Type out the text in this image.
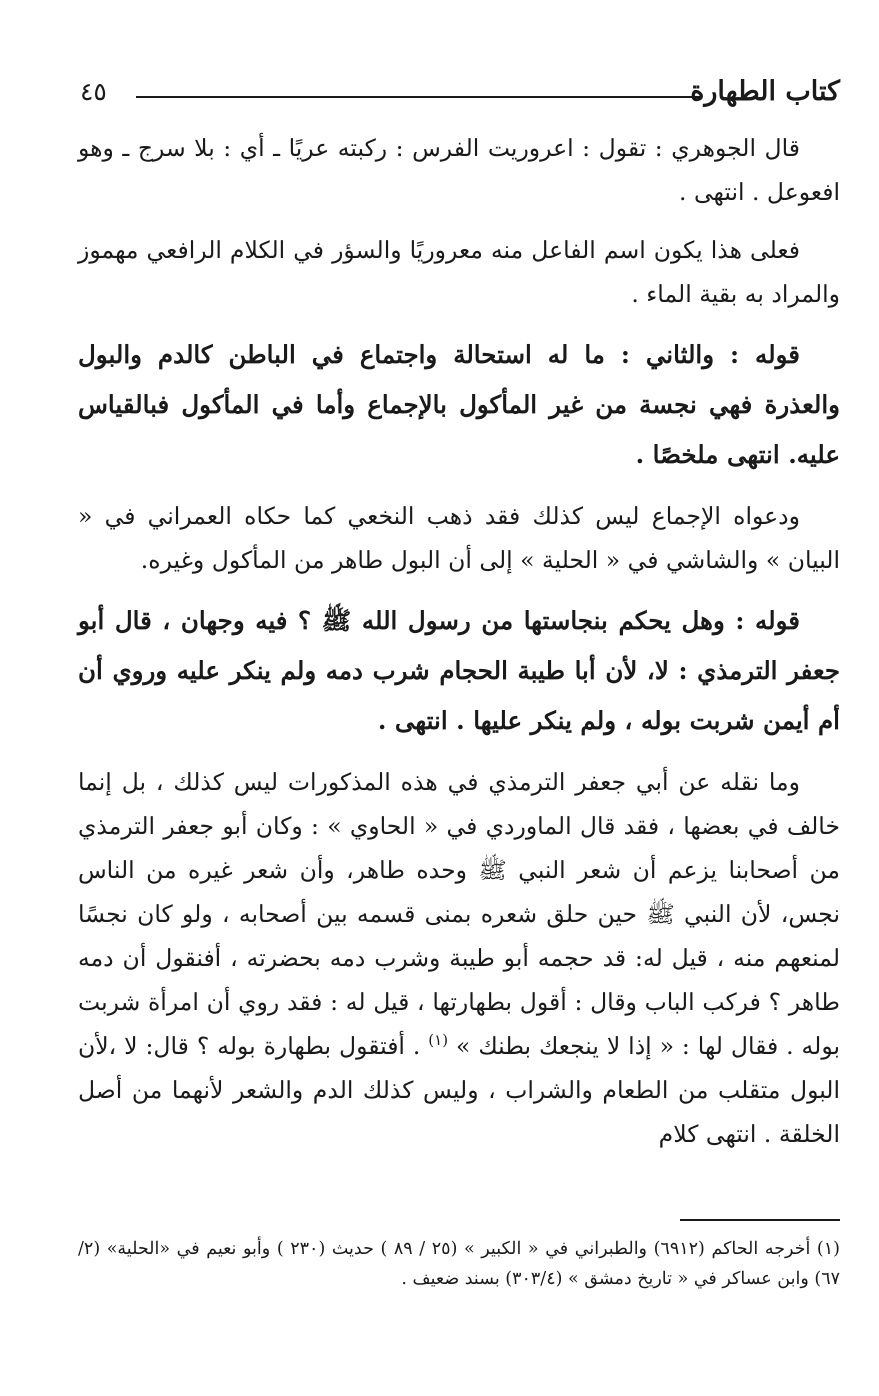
كتاب الطهارة
٤٥

قال الجوهري : تقول : اعروريت الفرس : ركبته عريًا ـ أي : بلا سرج ـ وهو افعوعل . انتهى .

فعلى هذا يكون اسم الفاعل منه معروريًا والسؤر في الكلام الرافعي مهموز والمراد به بقية الماء .

قوله : والثاني : ما له استحالة واجتماع في الباطن كالدم والبول والعذرة فهي نجسة من غير المأكول بالإجماع وأما في المأكول فبالقياس عليه. انتهى ملخصًا .

ودعواه الإجماع ليس كذلك فقد ذهب النخعي كما حكاه العمراني في « البيان » والشاشي في « الحلية » إلى أن البول طاهر من المأكول وغيره.

قوله : وهل يحكم بنجاستها من رسول الله ﷺ ؟ فيه وجهان ، قال أبو جعفر الترمذي : لا، لأن أبا طيبة الحجام شرب دمه ولم ينكر عليه وروي أن أم أيمن شربت بوله ، ولم ينكر عليها . انتهى .

وما نقله عن أبي جعفر الترمذي في هذه المذكورات ليس كذلك ، بل إنما خالف في بعضها ، فقد قال الماوردي في « الحاوي » : وكان أبو جعفر الترمذي من أصحابنا يزعم أن شعر النبي ﷺ وحده طاهر، وأن شعر غيره من الناس نجس، لأن النبي ﷺ حين حلق شعره بمنى قسمه بين أصحابه ، ولو كان نجسًا لمنعهم منه ، قيل له: قد حجمه أبو طيبة وشرب دمه بحضرته ، أفنقول أن دمه طاهر ؟ فركب الباب وقال : أقول بطهارتها ، قيل له : فقد روي أن امرأة شربت بوله . فقال لها : « إذا لا ينجعك بطنك » $^{(١)}$ . أفتقول بطهارة بوله ؟ قال: لا ،لأن البول متقلب من الطعام والشراب ، وليس كذلك الدم والشعر لأنهما من أصل الخلقة . انتهى كلام

(١) أخرجه الحاكم (٦٩١٢) والطبراني في « الكبير » (٢٥ / ٨٩ ) حديث (٢٣٠ ) وأبو نعيم في «الحلية» (٢/ ٦٧) وابن عساكر في « تاريخ دمشق » (٣٠٣/٤) بسند ضعيف .
